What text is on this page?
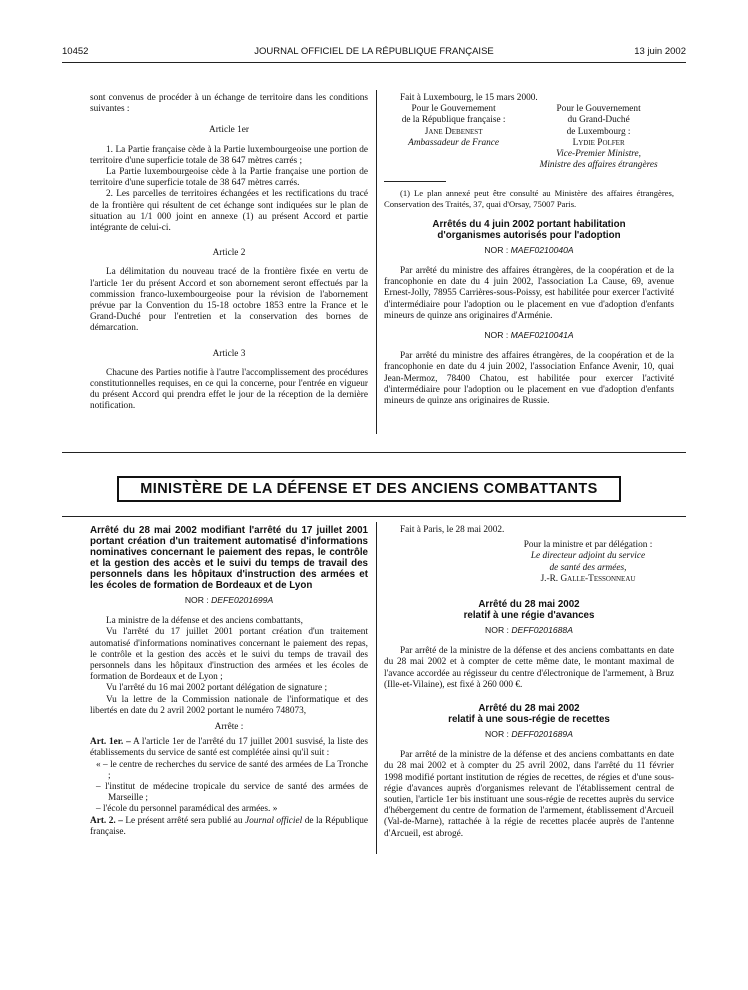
10452	JOURNAL OFFICIEL DE LA RÉPUBLIQUE FRANÇAISE	13 juin 2002

sont convenus de procéder à un échange de territoire dans les conditions suivantes :

Article 1er

1. La Partie française cède à la Partie luxembourgeoise une portion de territoire d'une superficie totale de 38 647 mètres carrés ;

La Partie luxembourgeoise cède à la Partie française une portion de territoire d'une superficie totale de 38 647 mètres carrés.

2. Les parcelles de territoires échangées et les rectifications du tracé de la frontière qui résultent de cet échange sont indiquées sur le plan de situation au 1/1 000 joint en annexe (1) au présent Accord et partie intégrante de celui-ci.

Article 2

La délimitation du nouveau tracé de la frontière fixée en vertu de l'article 1er du présent Accord et son abornement seront effectués par la commission franco-luxembourgeoise pour la révision de l'abornement prévue par la Convention du 15-18 octobre 1853 entre la France et le Grand-Duché pour l'entretien et la conservation des bornes de démarcation.

Article 3

Chacune des Parties notifie à l'autre l'accomplissement des procédures constitutionnelles requises, en ce qui la concerne, pour l'entrée en vigueur du présent Accord qui prendra effet le jour de la réception de la dernière notification.

Fait à Luxembourg, le 15 mars 2000.

Pour le Gouvernement
de la République française :
Jane Debenest
Ambassadeur de France

Pour le Gouvernement
du Grand-Duché
de Luxembourg :
Lydie Polfer
Vice-Premier Ministre,
Ministre des affaires étrangères

(1) Le plan annexé peut être consulté au Ministère des affaires étrangères, Conservation des Traités, 37, quai d'Orsay, 75007 Paris.

Arrêtés du 4 juin 2002 portant habilitation
d'organismes autorisés pour l'adoption

NOR : MAEF0210040A

Par arrêté du ministre des affaires étrangères, de la coopération et de la francophonie en date du 4 juin 2002, l'association La Cause, 69, avenue Ernest-Jolly, 78955 Carrières-sous-Poissy, est habilitée pour exercer l'activité d'intermédiaire pour l'adoption ou le placement en vue d'adoption d'enfants mineurs de quinze ans originaires d'Arménie.

NOR : MAEF0210041A

Par arrêté du ministre des affaires étrangères, de la coopération et de la francophonie en date du 4 juin 2002, l'association Enfance Avenir, 10, quai Jean-Mermoz, 78400 Chatou, est habilitée pour exercer l'activité d'intermédiaire pour l'adoption ou le placement en vue d'adoption d'enfants mineurs de quinze ans originaires de Russie.

MINISTÈRE DE LA DÉFENSE ET DES ANCIENS COMBATTANTS

Arrêté du 28 mai 2002 modifiant l'arrêté du 17 juillet 2001 portant création d'un traitement automatisé d'informations nominatives concernant le paiement des repas, le contrôle et la gestion des accès et le suivi du temps de travail des personnels dans les hôpitaux d'instruction des armées et les écoles de formation de Bordeaux et de Lyon

NOR : DEFE0201699A

La ministre de la défense et des anciens combattants,

Vu l'arrêté du 17 juillet 2001 portant création d'un traitement automatisé d'informations nominatives concernant le paiement des repas, le contrôle et la gestion des accès et le suivi du temps de travail des personnels dans les hôpitaux d'instruction des armées et les écoles de formation de Bordeaux et de Lyon ;

Vu l'arrêté du 16 mai 2002 portant délégation de signature ;

Vu la lettre de la Commission nationale de l'informatique et des libertés en date du 2 avril 2002 portant le numéro 748073,

Arrête :

Art. 1er. – A l'article 1er de l'arrêté du 17 juillet 2001 susvisé, la liste des établissements du service de santé est complétée ainsi qu'il suit :

« – le centre de recherches du service de santé des armées de La Tronche ;

– l'institut de médecine tropicale du service de santé des armées de Marseille ;

– l'école du personnel paramédical des armées. »

Art. 2. – Le présent arrêté sera publié au Journal officiel de la République française.

Fait à Paris, le 28 mai 2002.

Pour la ministre et par délégation :
Le directeur adjoint du service
de santé des armées,
J.-R. Galle-Tessonneau
Arrêté du 28 mai 2002
relatif à une régie d'avances

NOR : DEFF0201688A

Par arrêté de la ministre de la défense et des anciens combattants en date du 28 mai 2002 et à compter de cette même date, le montant maximal de l'avance accordée au régisseur du centre d'électronique de l'armement, à Bruz (Ille-et-Vilaine), est fixé à 260 000 €.

Arrêté du 28 mai 2002
relatif à une sous-régie de recettes

NOR : DEFF0201689A

Par arrêté de la ministre de la défense et des anciens combattants en date du 28 mai 2002 et à compter du 25 avril 2002, dans l'arrêté du 11 février 1998 modifié portant institution de régies de recettes, de régies et d'une sous-régie d'avances auprès d'organismes relevant de l'établissement central de soutien, l'article 1er bis instituant une sous-régie de recettes auprès du service d'hébergement du centre de formation de l'armement, établissement d'Arcueil (Val-de-Marne), rattachée à la régie de recettes placée auprès de l'antenne d'Arcueil, est abrogé.
